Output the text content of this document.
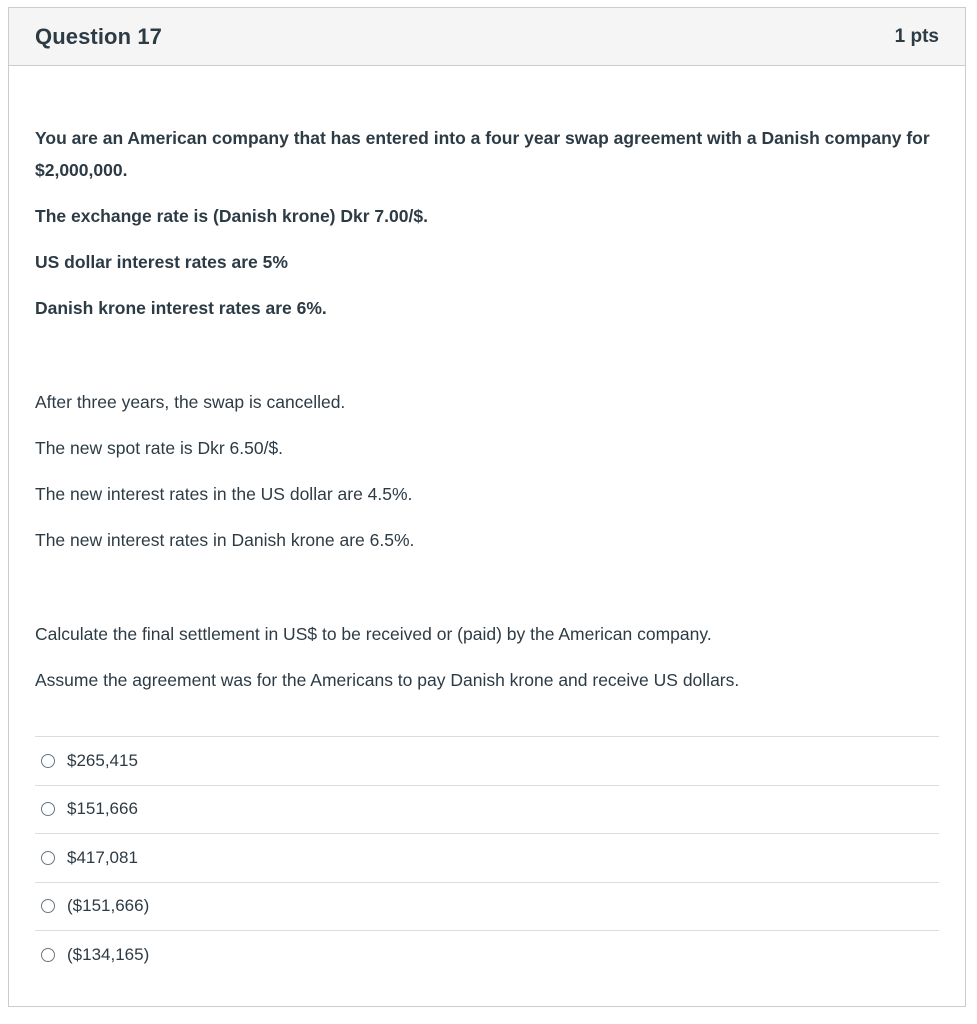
Question 17	1 pts

You are an American company that has entered into a four year swap agreement with a Danish company for $2,000,000.

The exchange rate is (Danish krone) Dkr 7.00/$.

US dollar interest rates are 5%

Danish krone interest rates are 6%.

After three years, the swap is cancelled.

The new spot rate is Dkr 6.50/$.

The new interest rates in the US dollar are 4.5%.

The new interest rates in Danish krone are 6.5%.

Calculate the final settlement in US$ to be received or (paid) by the American company.

Assume the agreement was for the Americans to pay Danish krone and receive US dollars.

$265,415
$151,666
$417,081
($151,666)
($134,165)
